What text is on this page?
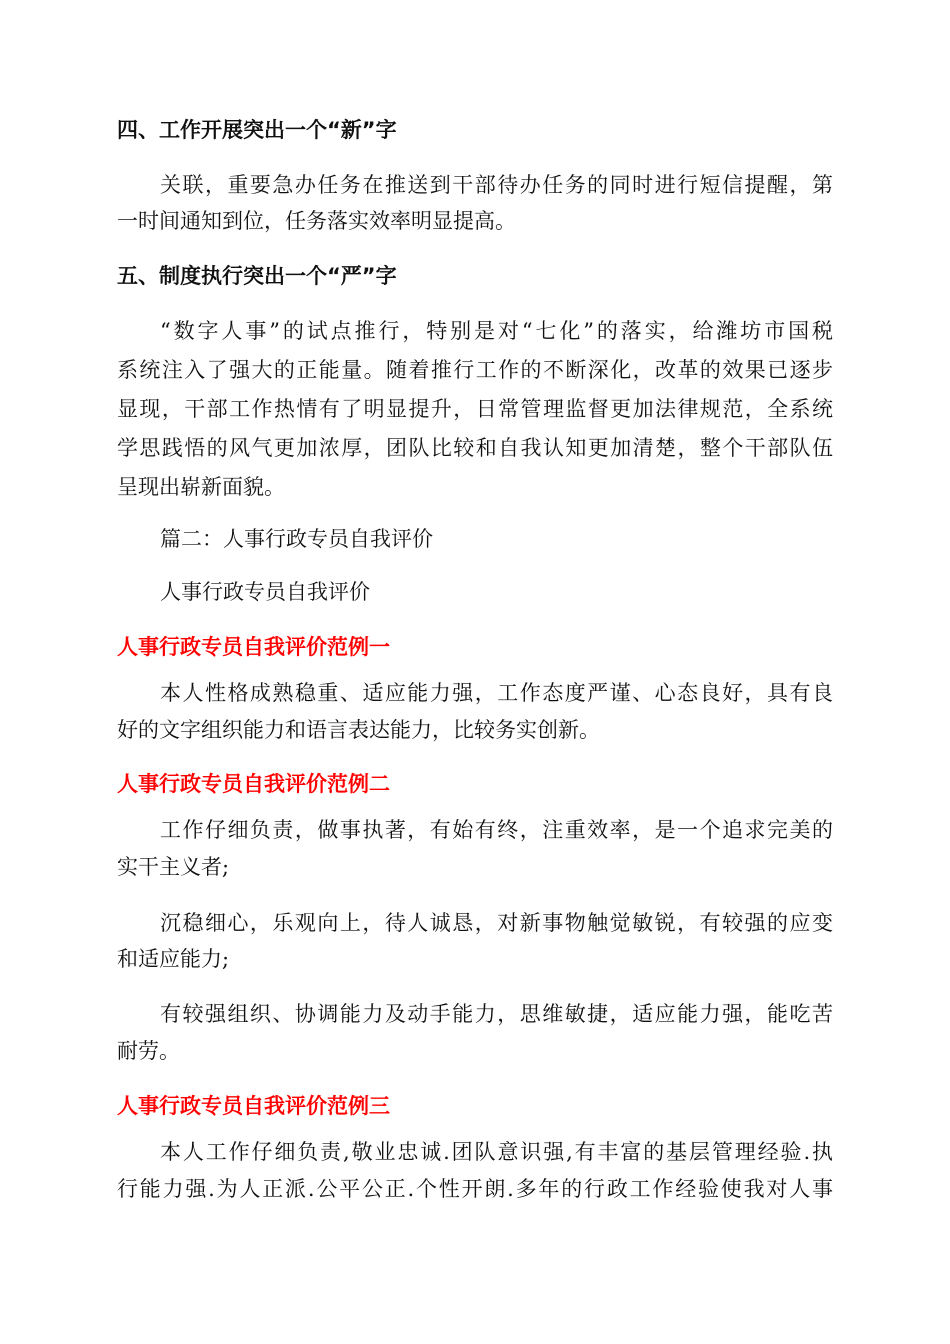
四、工作开展突出一个“新”字
关联，重要急办任务在推送到干部待办任务的同时进行短信提醒，第
一时间通知到位，任务落实效率明显提高。
五、制度执行突出一个“严”字
“数字人事”的试点推行，特别是对“七化”的落实，给潍坊市国税
系统注入了强大的正能量。随着推行工作的不断深化，改革的效果已逐步
显现，干部工作热情有了明显提升，日常管理监督更加法律规范，全系统
学思践悟的风气更加浓厚，团队比较和自我认知更加清楚，整个干部队伍
呈现出崭新面貌。
篇二：人事行政专员自我评价
人事行政专员自我评价
人事行政专员自我评价范例一
本人性格成熟稳重、适应能力强，工作态度严谨、心态良好，具有良
好的文字组织能力和语言表达能力，比较务实创新。
人事行政专员自我评价范例二
工作仔细负责，做事执著，有始有终，注重效率，是一个追求完美的
实干主义者;
沉稳细心，乐观向上，待人诚恳，对新事物触觉敏锐，有较强的应变
和适应能力;
有较强组织、协调能力及动手能力，思维敏捷，适应能力强，能吃苦
耐劳。
人事行政专员自我评价范例三
本人工作仔细负责,敬业忠诚.团队意识强,有丰富的基层管理经验.执
行能力强.为人正派.公平公正.个性开朗.多年的行政工作经验使我对人事
